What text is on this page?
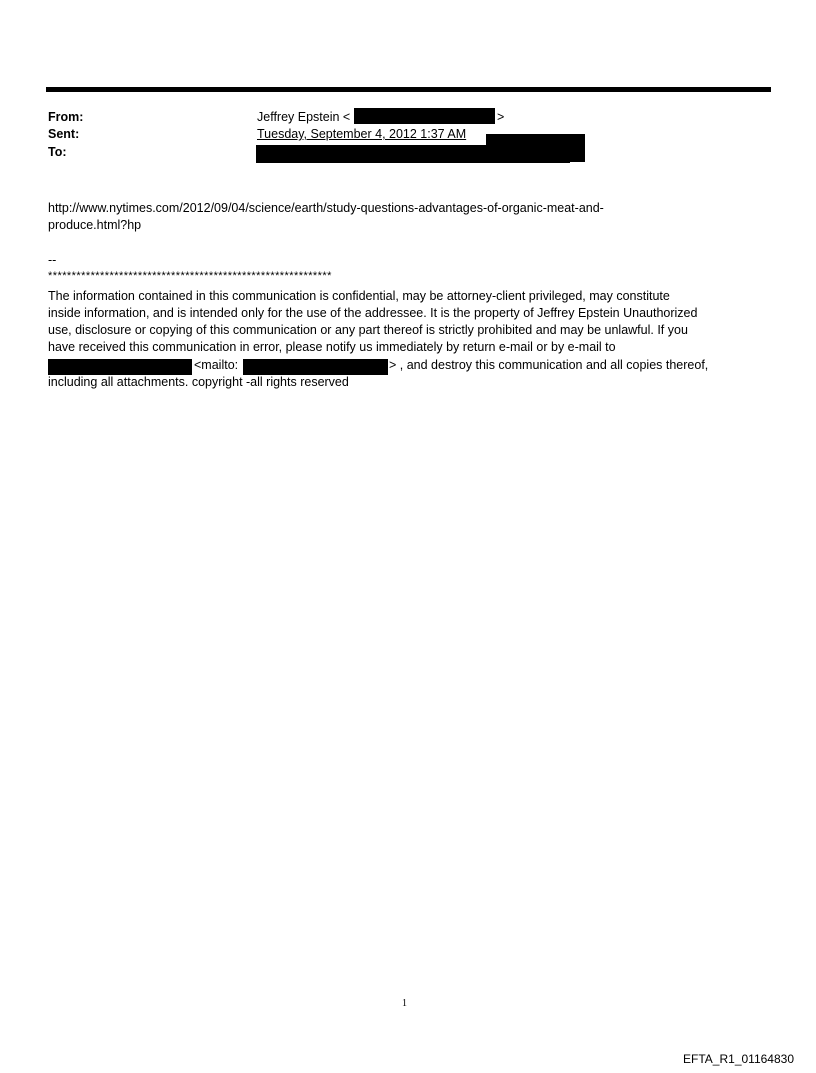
From:
Sent:
To:
Jeffrey Epstein <	>
Tuesday, September 4, 2012 1:37 AM
http://www.nytimes.com/2012/09/04/science/earth/study-questions-advantages-of-organic-meat-and-
produce.html?hp
--
************************************************************
The information contained in this communication is confidential, may be attorney-client privileged, may constitute
inside information, and is intended only for the use of the addressee. It is the property of Jeffrey Epstein Unauthorized
use, disclosure or copying of this communication or any part thereof is strictly prohibited and may be unlawful. If you
have received this communication in error, please notify us immediately by return e-mail or by e-mail to
<mailto:	> , and destroy this communication and all copies thereof,
including all attachments. copyright -all rights reserved
1
EFTA_R1_01164830
